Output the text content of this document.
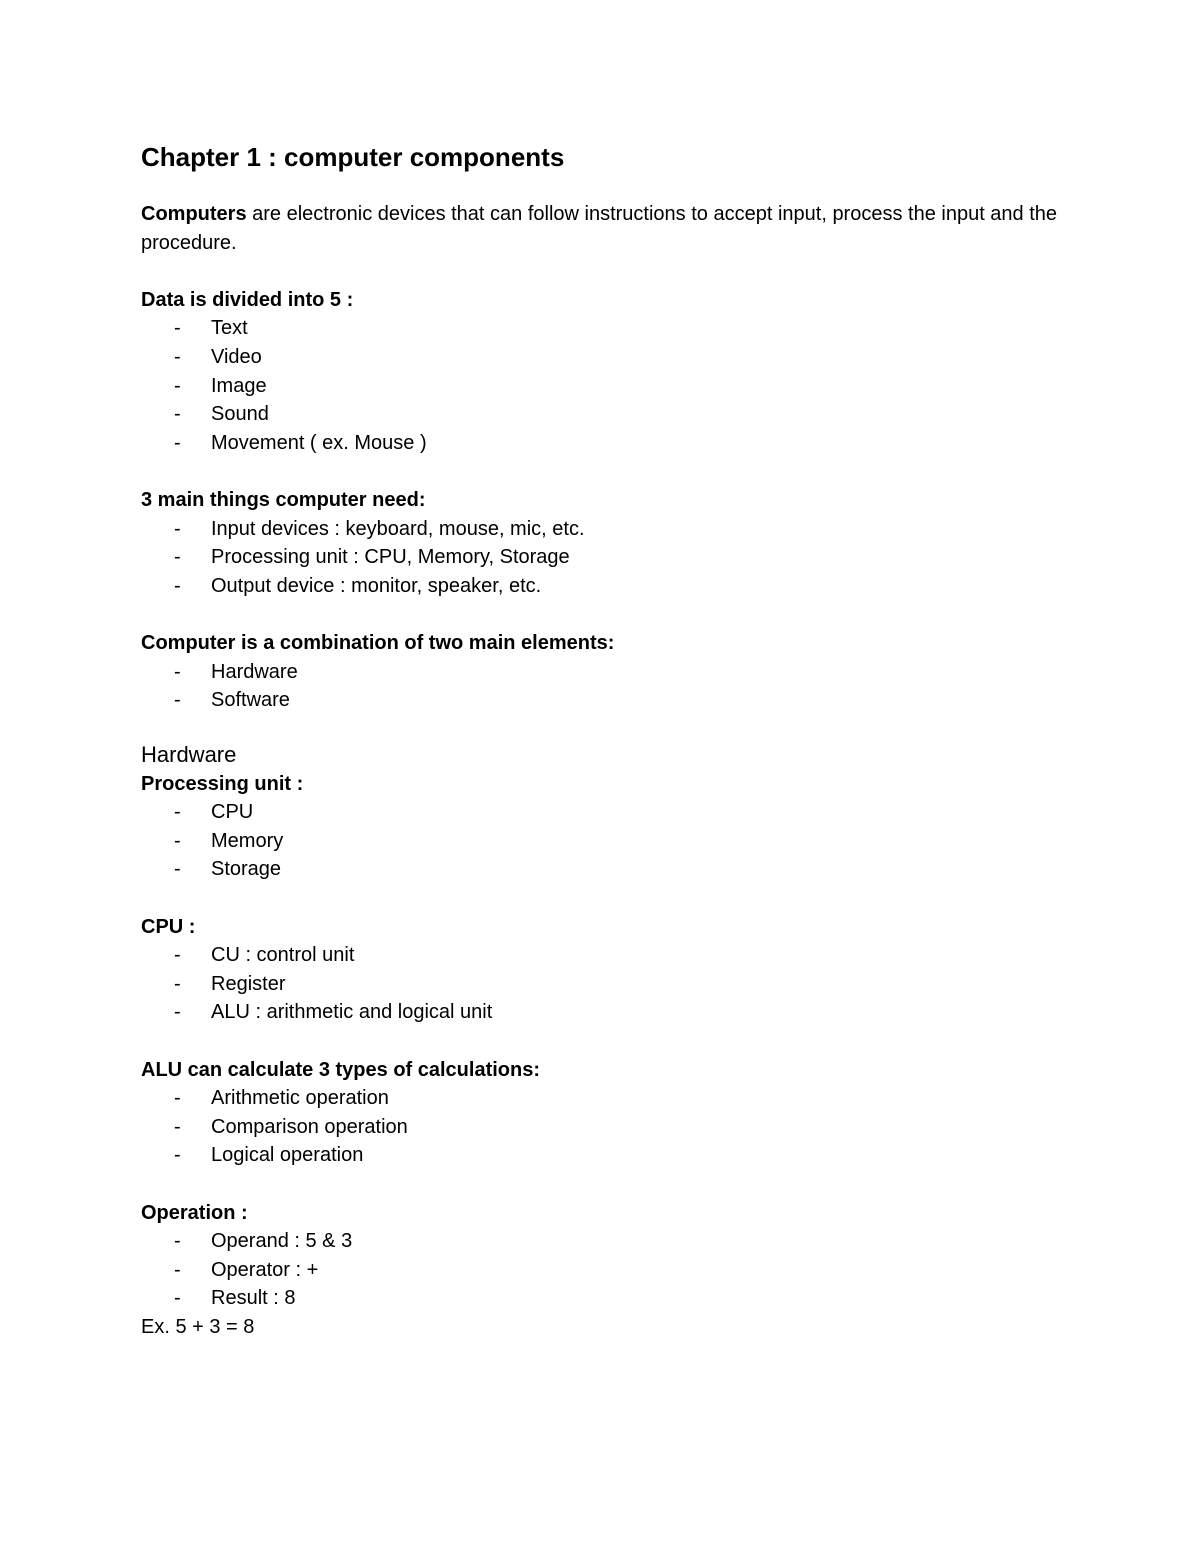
Chapter 1 : computer components

Computers are electronic devices that can follow instructions to accept input, process the input and the procedure.

Data is divided into 5 :

- Text
- Video
- Image
- Sound
- Movement ( ex. Mouse )

3 main things computer need:

- Input devices : keyboard, mouse, mic, etc.
- Processing unit : CPU, Memory, Storage
- Output device : monitor, speaker, etc.

Computer is a combination of two main elements:

- Hardware
- Software

Hardware

Processing unit :

- CPU
- Memory
- Storage

CPU :

- CU : control unit
- Register
- ALU : arithmetic and logical unit

ALU can calculate 3 types of calculations:

- Arithmetic operation
- Comparison operation
- Logical operation

Operation :

- Operand : 5 & 3
- Operator : +
- Result : 8

Ex. 5 + 3 = 8
